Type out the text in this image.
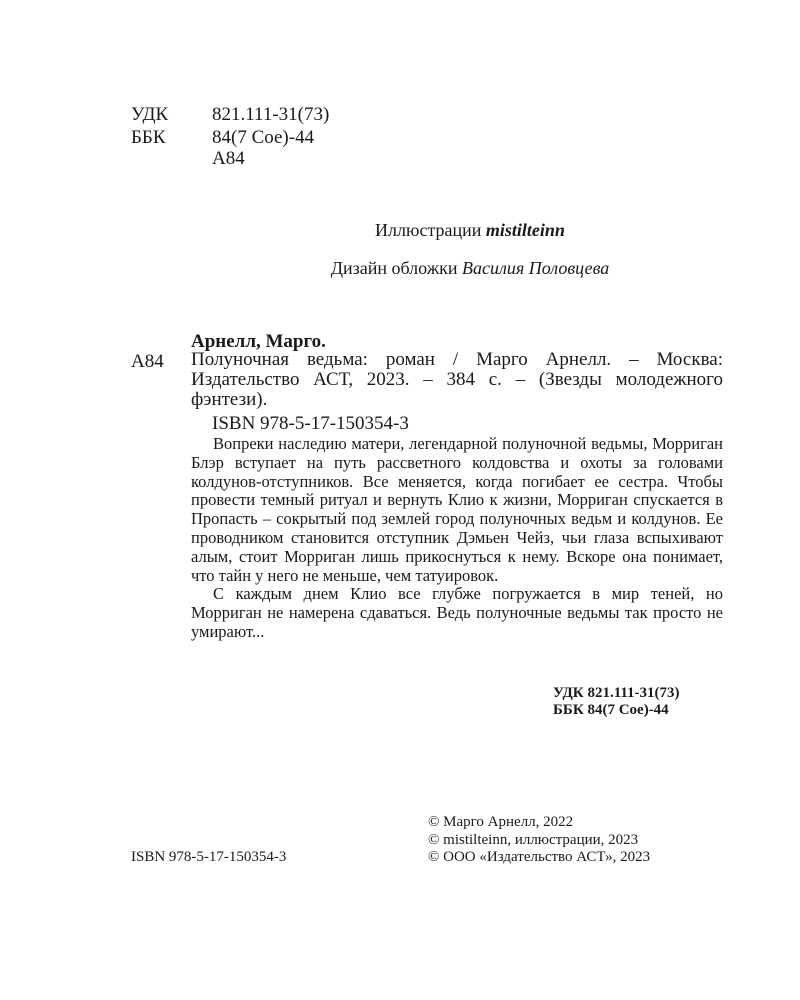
УДК 821.111-31(73)
ББК 84(7 Сое)-44
А84
Иллюстрации mistilteinn
Дизайн обложки Василия Половцева
Арнелл, Марго.
А84 Полуночная ведьма: роман / Марго Арнелл. – Москва: Издательство АСТ, 2023. – 384 с. – (Звезды молодежного фэнтези).
ISBN 978-5-17-150354-3

Вопреки наследию матери, легендарной полуночной ведьмы, Морриган Блэр вступает на путь рассветного колдовства и охоты за головами колдунов-отступников. Все меняется, когда погибает ее сестра. Чтобы провести темный ритуал и вернуть Клио к жизни, Морриган спускается в Пропасть – сокрытый под землей город полуночных ведьм и колдунов. Ее проводником становится отступник Дэмьен Чейз, чьи глаза вспыхивают алым, стоит Морриган лишь прикоснуться к нему. Вскоре она понимает, что тайн у него не меньше, чем татуировок.

С каждым днем Клио все глубже погружается в мир теней, но Морриган не намерена сдаваться. Ведь полуночные ведьмы так просто не умирают...

УДК 821.111-31(73)
ББК 84(7 Сое)-44
© Марго Арнелл, 2022
© mistilteinn, иллюстрации, 2023
© ООО «Издательство АСТ», 2023
ISBN 978-5-17-150354-3
